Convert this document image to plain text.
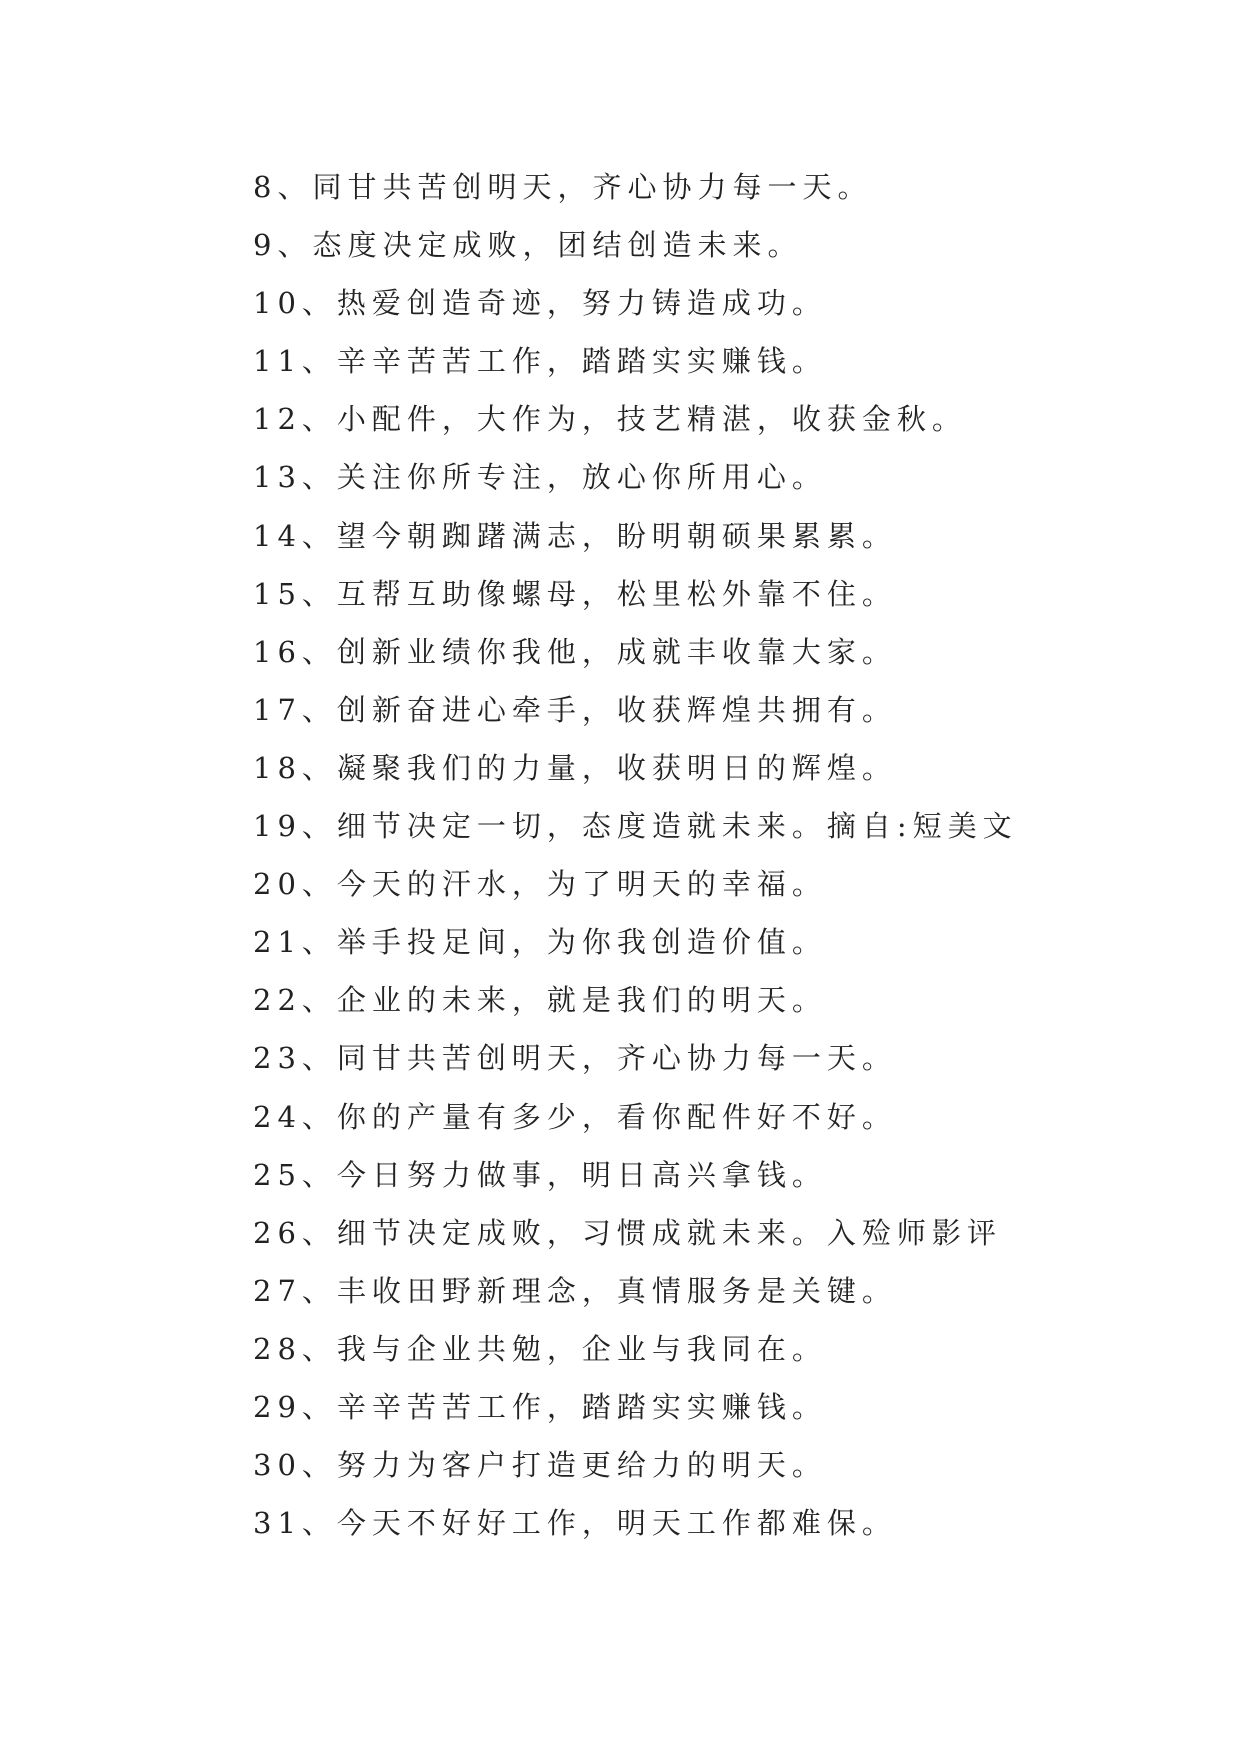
8、同甘共苦创明天，齐心协力每一天。
9、态度决定成败，团结创造未来。
10、热爱创造奇迹，努力铸造成功。
11、辛辛苦苦工作，踏踏实实赚钱。
12、小配件，大作为，技艺精湛，收获金秋。
13、关注你所专注，放心你所用心。
14、望今朝踟躇满志，盼明朝硕果累累。
15、互帮互助像螺母，松里松外靠不住。
16、创新业绩你我他，成就丰收靠大家。
17、创新奋进心牵手，收获辉煌共拥有。
18、凝聚我们的力量，收获明日的辉煌。
19、细节决定一切，态度造就未来。摘自:短美文
20、今天的汗水，为了明天的幸福。
21、举手投足间，为你我创造价值。
22、企业的未来，就是我们的明天。
23、同甘共苦创明天，齐心协力每一天。
24、你的产量有多少，看你配件好不好。
25、今日努力做事，明日高兴拿钱。
26、细节决定成败，习惯成就未来。入殓师影评
27、丰收田野新理念，真情服务是关键。
28、我与企业共勉，企业与我同在。
29、辛辛苦苦工作，踏踏实实赚钱。
30、努力为客户打造更给力的明天。
31、今天不好好工作，明天工作都难保。
